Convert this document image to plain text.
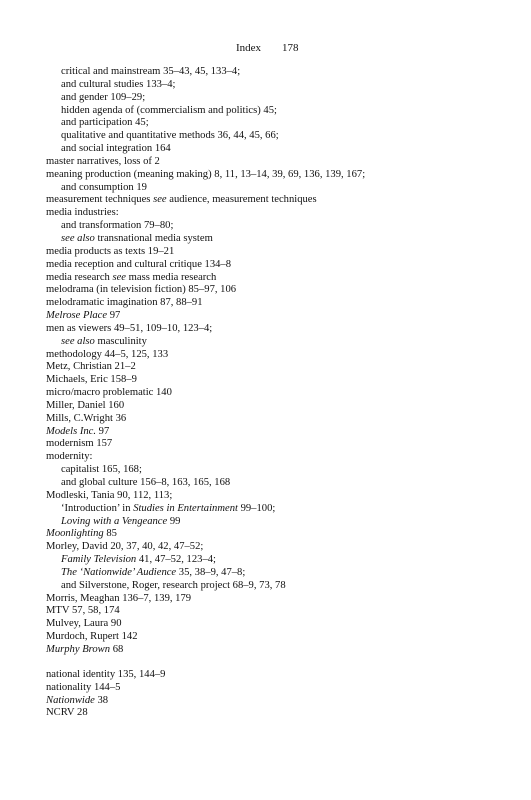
Index 178
critical and mainstream 35–43, 45, 133–4;
and cultural studies 133–4;
and gender 109–29;
hidden agenda of (commercialism and politics) 45;
and participation 45;
qualitative and quantitative methods 36, 44, 45, 66;
and social integration 164
master narratives, loss of 2
meaning production (meaning making) 8, 11, 13–14, 39, 69, 136, 139, 167;
and consumption 19
measurement techniques see audience, measurement techniques
media industries:
and transformation 79–80;
see also transnational media system
media products as texts 19–21
media reception and cultural critique 134–8
media research see mass media research
melodrama (in television fiction) 85–97, 106
melodramatic imagination 87, 88–91
Melrose Place 97
men as viewers 49–51, 109–10, 123–4;
see also masculinity
methodology 44–5, 125, 133
Metz, Christian 21–2
Michaels, Eric 158–9
micro/macro problematic 140
Miller, Daniel 160
Mills, C.Wright 36
Models Inc. 97
modernism 157
modernity:
capitalist 165, 168;
and global culture 156–8, 163, 165, 168
Modleski, Tania 90, 112, 113;
‘Introduction’ in Studies in Entertainment 99–100;
Loving with a Vengeance 99
Moonlighting 85
Morley, David 20, 37, 40, 42, 47–52;
Family Television 41, 47–52, 123–4;
The ‘Nationwide’ Audience 35, 38–9, 47–8;
and Silverstone, Roger, research project 68–9, 73, 78
Morris, Meaghan 136–7, 139, 179
MTV 57, 58, 174
Mulvey, Laura 90
Murdoch, Rupert 142
Murphy Brown 68
national identity 135, 144–9
nationality 144–5
Nationwide 38
NCRV 28
